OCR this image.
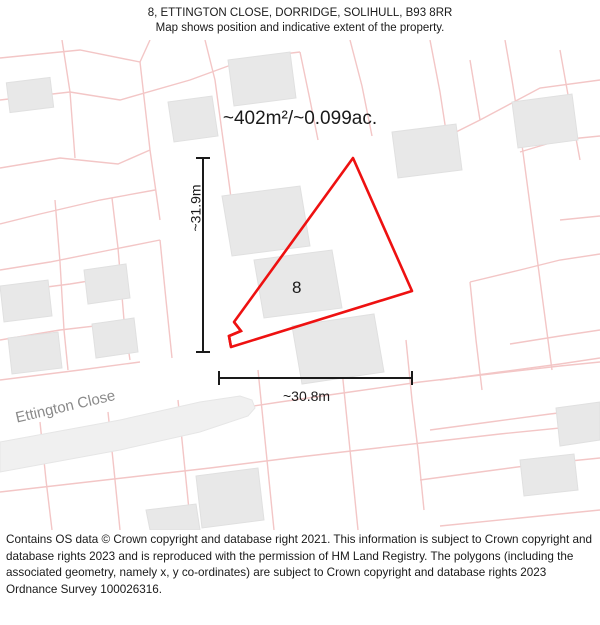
8, ETTINGTON CLOSE, DORRIDGE, SOLIHULL, B93 8RR
Map shows position and indicative extent of the property.
~402m²/~0.099ac.
8
~31.9m
~30.8m
Ettington Close
Contains OS data © Crown copyright and database right 2021. This information is subject to Crown copyright and database rights 2023 and is reproduced with the permission of HM Land Registry. The polygons (including the associated geometry, namely x, y co-ordinates) are subject to Crown copyright and database rights 2023 Ordnance Survey 100026316.
